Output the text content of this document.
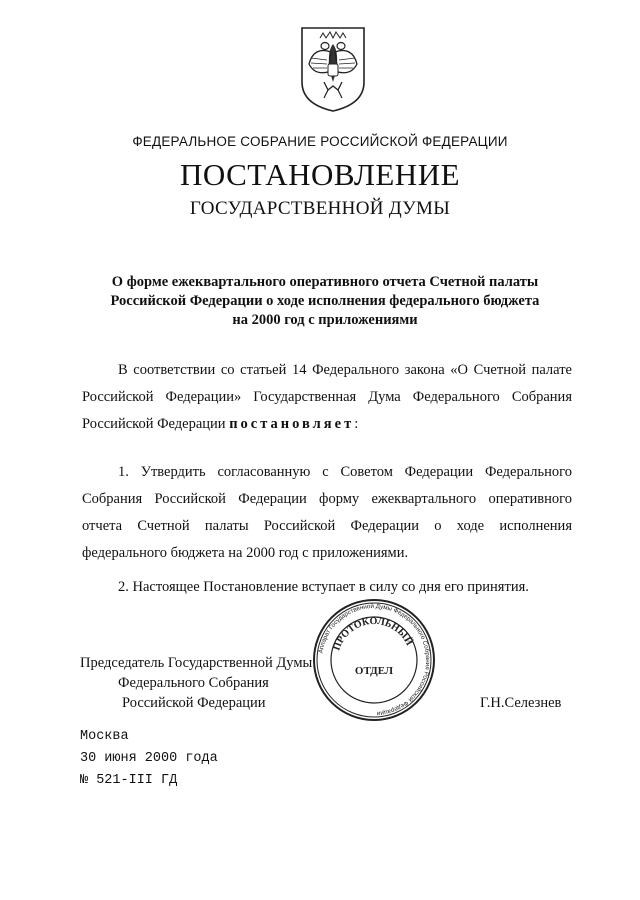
ФЕДЕРАЛЬНОЕ СОБРАНИЕ РОССИЙСКОЙ ФЕДЕРАЦИИ
ПОСТАНОВЛЕНИЕ
ГОСУДАРСТВЕННОЙ ДУМЫ
О форме ежеквартального оперативного отчета Счетной палаты
Российской Федерации о ходе исполнения федерального бюджета
на 2000 год с приложениями
В соответствии со статьей 14 Федерального закона «О Счетной палате
Российской Федерации» Государственная Дума Федерального Собрания
Российской Федерации постановляет:
1. Утвердить согласованную с Советом Федерации Федерального
Собрания Российской Федерации форму ежеквартального оперативного
отчета Счетной палаты Российской Федерации о ходе исполнения
федерального бюджета на 2000 год с приложениями.
2. Настоящее Постановление вступает в силу со дня его принятия.
Председатель Государственной Думы
Федерального Собрания
Российской Федерации	Г.Н.Селезнев
Аппарат Государственной Думы Федерального Собрания Российской Федерации
ПРОТОКОЛЬНЫЙ
ОТДЕЛ
Москва
30 июня 2000 года
№ 521-III ГД
